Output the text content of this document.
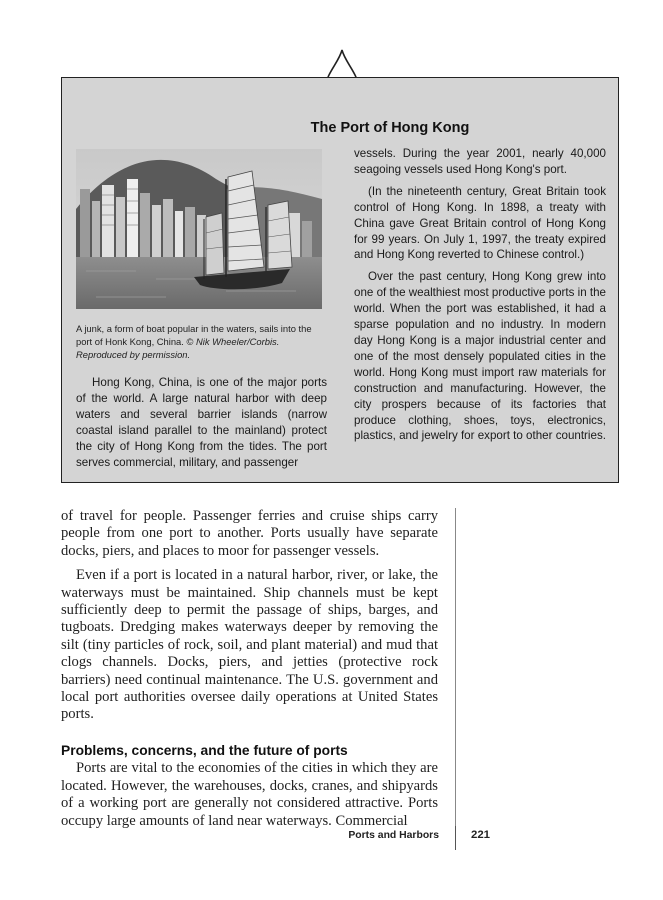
The Port of Hong Kong

A junk, a form of boat popular in the waters, sails into the port of Honk Kong, China. © Nik Wheeler/Corbis. Reproduced by permission.

Hong Kong, China, is one of the major ports of the world. A large natural harbor with deep waters and several barrier islands (narrow coastal island parallel to the mainland) protect the city of Hong Kong from the tides. The port serves commercial, military, and passenger

vessels. During the year 2001, nearly 40,000 seagoing vessels used Hong Kong's port.

(In the nineteenth century, Great Britain took control of Hong Kong. In 1898, a treaty with China gave Great Britain control of Hong Kong for 99 years. On July 1, 1997, the treaty expired and Hong Kong reverted to Chinese control.)

Over the past century, Hong Kong grew into one of the wealthiest most productive ports in the world. When the port was established, it had a sparse population and no industry. In modern day Hong Kong is a major industrial center and one of the most densely populated cities in the world. Hong Kong must import raw materials for construction and manufacturing. However, the city prospers because of its factories that produce clothing, shoes, toys, electronics, plastics, and jewelry for export to other countries.

of travel for people. Passenger ferries and cruise ships carry people from one port to another. Ports usually have separate docks, piers, and places to moor for passenger vessels.

Even if a port is located in a natural harbor, river, or lake, the waterways must be maintained. Ship channels must be kept sufficiently deep to permit the passage of ships, barges, and tugboats. Dredging makes waterways deeper by removing the silt (tiny particles of rock, soil, and plant material) and mud that clogs channels. Docks, piers, and jetties (protective rock barriers) need continual maintenance. The U.S. government and local port authorities oversee daily operations at United States ports.

Problems, concerns, and the future of ports

Ports are vital to the economies of the cities in which they are located. However, the warehouses, docks, cranes, and shipyards of a working port are generally not considered attractive. Ports occupy large amounts of land near waterways. Commercial

Ports and Harbors	221
